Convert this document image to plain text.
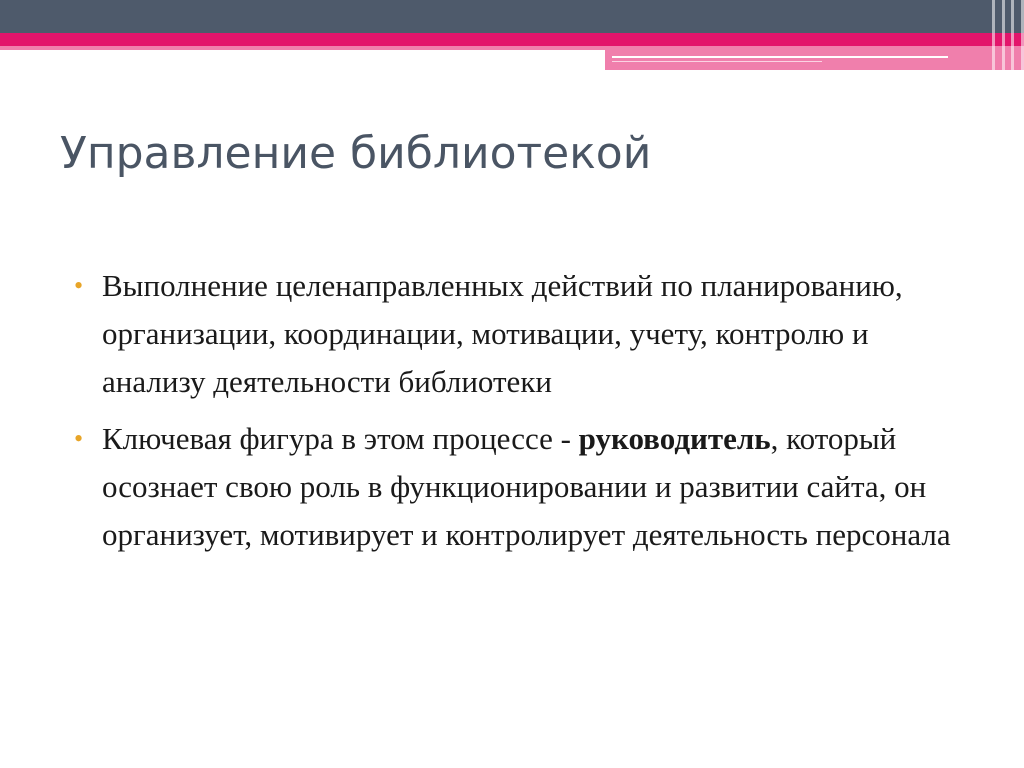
Управление библиотекой
• Выполнение целенаправленных действий по планированию, организации, координации, мотивации, учету, контролю и анализу деятельности библиотеки
• Ключевая фигура в этом процессе - руководитель, который осознает свою роль в функционировании и развитии сайта, он организует, мотивирует и контролирует деятельность персонала
